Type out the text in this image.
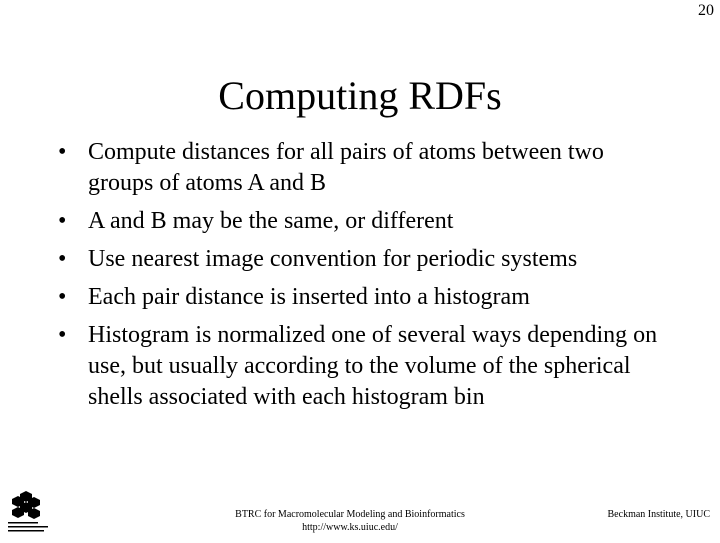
20
Computing RDFs
• Compute distances for all pairs of atoms between two groups of atoms A and B
• A and B may be the same, or different
• Use nearest image convention for periodic systems
• Each pair distance is inserted into a histogram
• Histogram is normalized one of several ways depending on use, but usually according to the volume of the spherical shells associated with each histogram bin
BTRC for Macromolecular Modeling and Bioinformatics
http://www.ks.uiuc.edu/
Beckman Institute, UIUC
